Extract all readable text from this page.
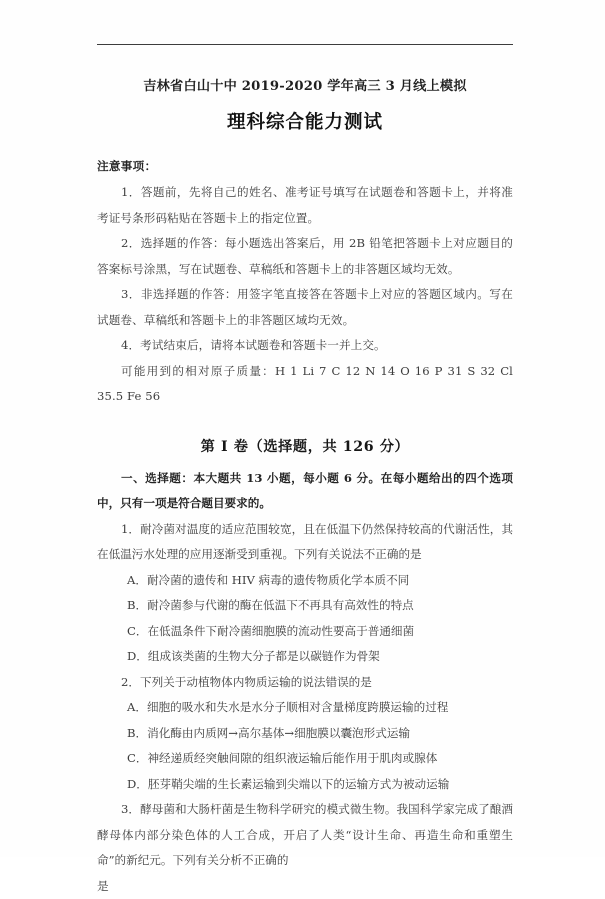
吉林省白山十中 2019-2020 学年高三 3 月线上模拟
理科综合能力测试
注意事项：

1．答题前，先将自己的姓名、准考证号填写在试题卷和答题卡上，并将准考证号条形码粘贴在答题卡上的指定位置。

2．选择题的作答：每小题选出答案后，用 2B 铅笔把答题卡上对应题目的答案标号涂黑，写在试题卷、草稿纸和答题卡上的非答题区域均无效。

3．非选择题的作答：用签字笔直接答在答题卡上对应的答题区域内。写在试题卷、草稿纸和答题卡上的非答题区域均无效。

4．考试结束后，请将本试题卷和答题卡一并上交。

可能用到的相对原子质量：H 1 Li 7 C 12 N 14 O 16 P 31 S 32 Cl 35.5 Fe 56

第 I 卷（选择题，共 126 分）

一、选择题：本大题共 13 小题，每小题 6 分。在每小题给出的四个选项中，只有一项是符合题目要求的。

1．耐冷菌对温度的适应范围较宽，且在低温下仍然保持较高的代谢活性，其在低温污水处理的应用逐渐受到重视。下列有关说法不正确的是

A．耐冷菌的遗传和 HIV 病毒的遗传物质化学本质不同

B．耐冷菌参与代谢的酶在低温下不再具有高效性的特点

C．在低温条件下耐冷菌细胞膜的流动性要高于普通细菌

D．组成该类菌的生物大分子都是以碳链作为骨架

2．下列关于动植物体内物质运输的说法错误的是

A．细胞的吸水和失水是水分子顺相对含量梯度跨膜运输的过程

B．消化酶由内质网→高尔基体→细胞膜以囊泡形式运输

C．神经递质经突触间隙的组织液运输后能作用于肌肉或腺体

D．胚芽鞘尖端的生长素运输到尖端以下的运输方式为被动运输

3．酵母菌和大肠杆菌是生物科学研究的模式微生物。我国科学家完成了酿酒酵母体内部分染色体的人工合成，开启了人类“设计生命、再造生命和重塑生命”的新纪元。下列有关分析不正确的

是
